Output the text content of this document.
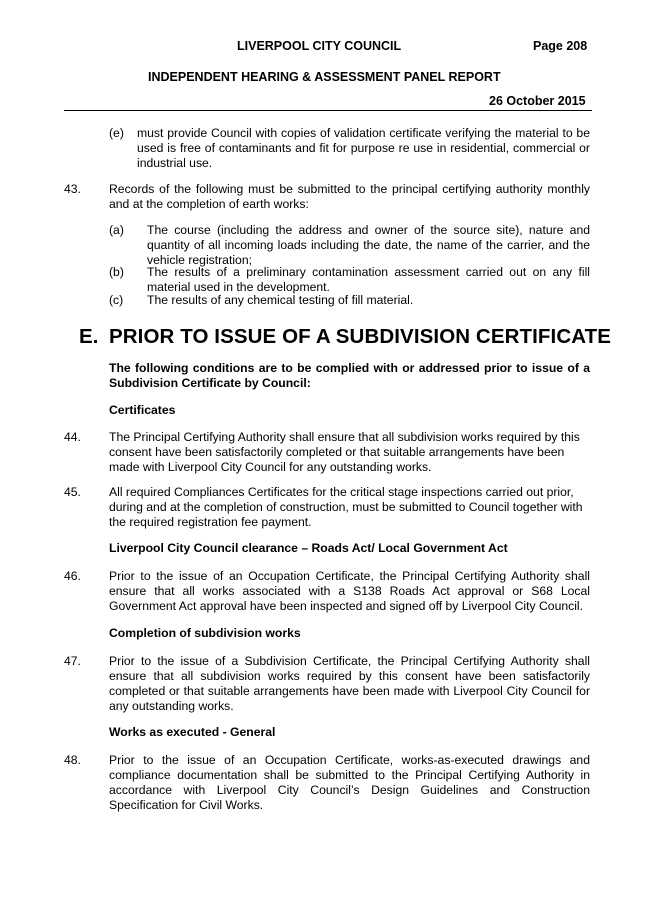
LIVERPOOL CITY COUNCIL	Page 208
INDEPENDENT HEARING & ASSESSMENT PANEL REPORT
26 October 2015
(e) must provide Council with copies of validation certificate verifying the material to be used is free of contaminants and fit for purpose re use in residential, commercial or industrial use.
43. Records of the following must be submitted to the principal certifying authority monthly and at the completion of earth works:
(a) The course (including the address and owner of the source site), nature and quantity of all incoming loads including the date, the name of the carrier, and the vehicle registration;
(b) The results of a preliminary contamination assessment carried out on any fill material used in the development.
(c) The results of any chemical testing of fill material.
E. PRIOR TO ISSUE OF A SUBDIVISION CERTIFICATE
The following conditions are to be complied with or addressed prior to issue of a Subdivision Certificate by Council:
Certificates
44. The Principal Certifying Authority shall ensure that all subdivision works required by this consent have been satisfactorily completed or that suitable arrangements have been made with Liverpool City Council for any outstanding works.
45. All required Compliances Certificates for the critical stage inspections carried out prior, during and at the completion of construction, must be submitted to Council together with the required registration fee payment.
Liverpool City Council clearance – Roads Act/ Local Government Act
46. Prior to the issue of an Occupation Certificate, the Principal Certifying Authority shall ensure that all works associated with a S138 Roads Act approval or S68 Local Government Act approval have been inspected and signed off by Liverpool City Council.
Completion of subdivision works
47. Prior to the issue of a Subdivision Certificate, the Principal Certifying Authority shall ensure that all subdivision works required by this consent have been satisfactorily completed or that suitable arrangements have been made with Liverpool City Council for any outstanding works.
Works as executed - General
48. Prior to the issue of an Occupation Certificate, works-as-executed drawings and compliance documentation shall be submitted to the Principal Certifying Authority in accordance with Liverpool City Council’s Design Guidelines and Construction Specification for Civil Works.
